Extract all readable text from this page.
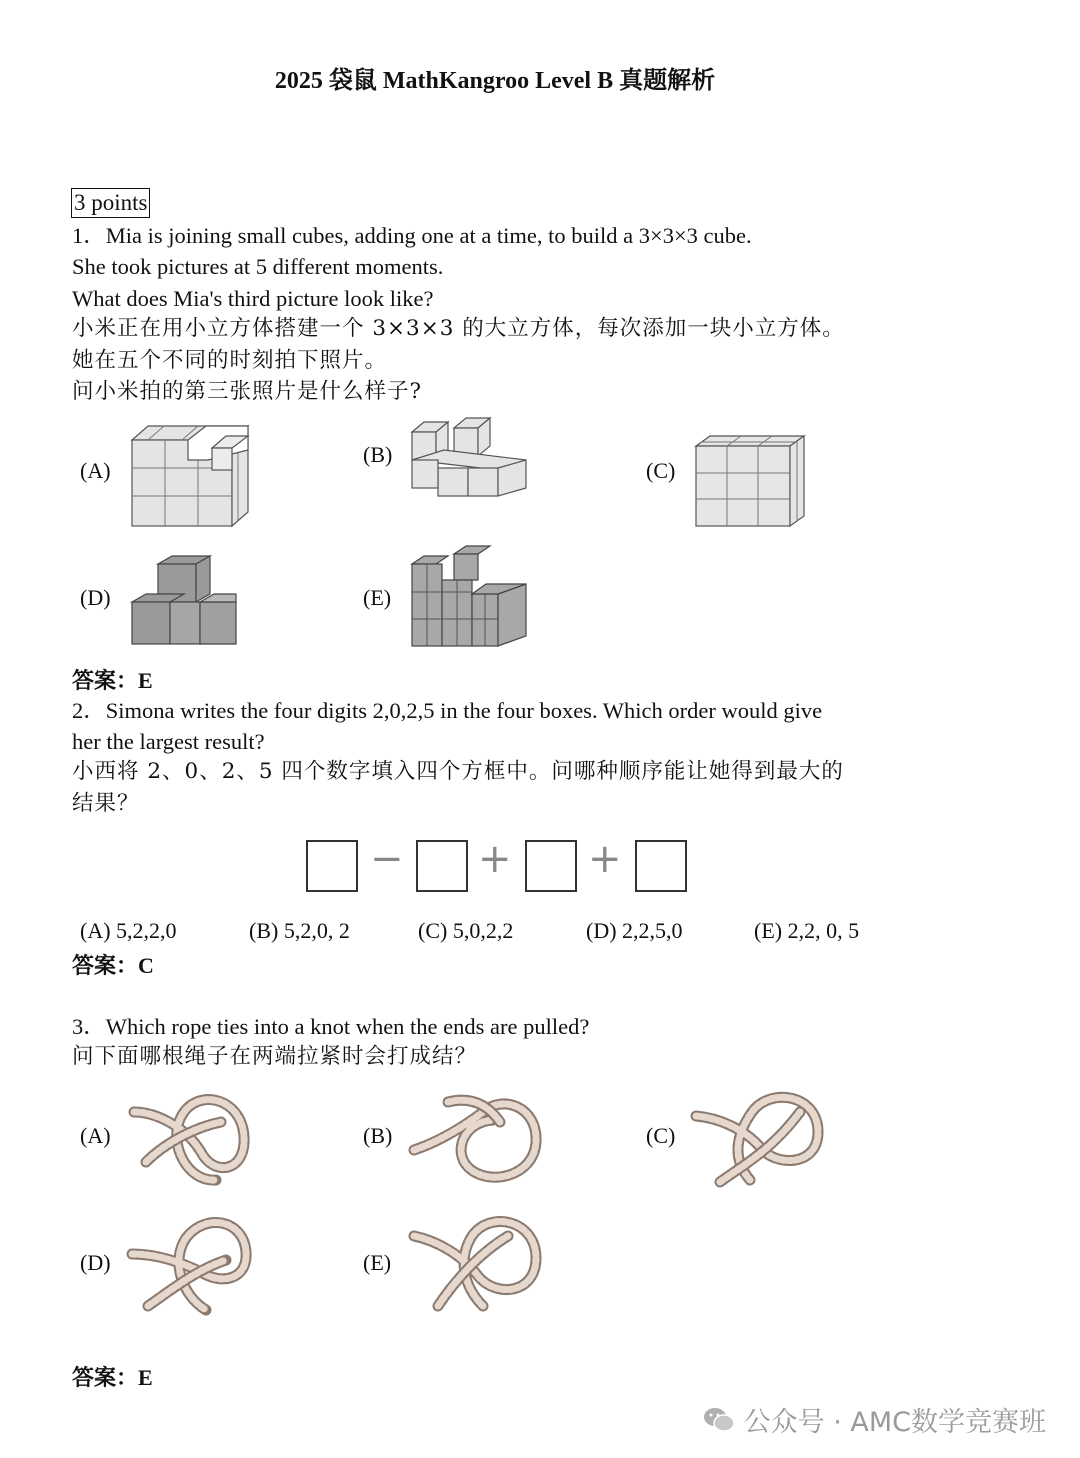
2025 袋鼠 MathKangroo Level B 真题解析
3 points
1．Mia is joining small cubes, adding one at a time, to build a 3×3×3 cube.
She took pictures at 5 different moments.
What does Mia's third picture look like?
小米正在用小立方体搭建一个 3×3×3 的大立方体，每次添加一块小立方体。
她在五个不同的时刻拍下照片。
问小米拍的第三张照片是什么样子?
(A)
(B)
(C)
(D)	(E)
答案：E
2．Simona writes the four digits 2,0,2,5 in the four boxes. Which order would give
her the largest result?
小西将 2、0、2、5 四个数字填入四个方框中。问哪种顺序能让她得到最大的
结果？
− + +
(A) 5,2,2,0	(B) 5,2,0, 2	(C) 5,0,2,2	(D) 2,2,5,0	(E) 2,2, 0, 5
答案：C
3．Which rope ties into a knot when the ends are pulled?
问下面哪根绳子在两端拉紧时会打成结？
(A)	(B)	(C)
(D)	(E)
答案：E
公众号 · AMC数学竞赛班
